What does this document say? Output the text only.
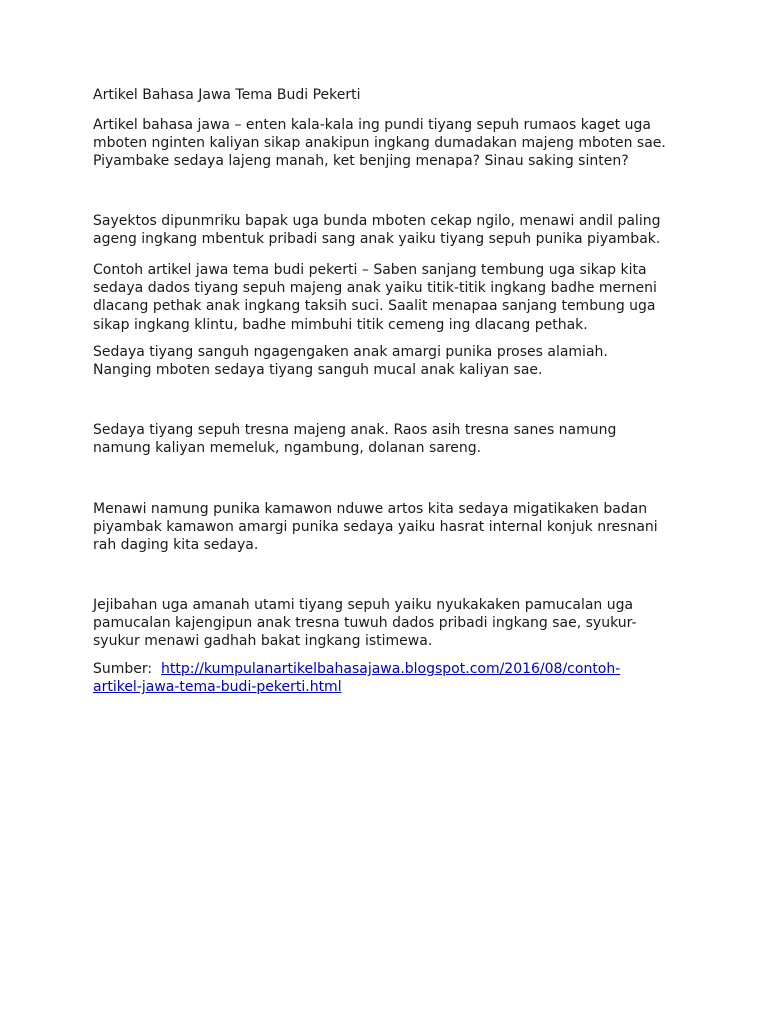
Artikel Bahasa Jawa Tema Budi Pekerti

Artikel bahasa jawa – enten kala-kala ing pundi tiyang sepuh rumaos kaget uga
mboten nginten kaliyan sikap anakipun ingkang dumadakan majeng mboten sae.
Piyambake sedaya lajeng manah, ket benjing menapa? Sinau saking sinten?

Sayektos dipunmriku bapak uga bunda mboten cekap ngilo, menawi andil paling
ageng ingkang mbentuk pribadi sang anak yaiku tiyang sepuh punika piyambak.

Contoh artikel jawa tema budi pekerti – Saben sanjang tembung uga sikap kita
sedaya dados tiyang sepuh majeng anak yaiku titik-titik ingkang badhe merneni
dlacang pethak anak ingkang taksih suci. Saalit menapaa sanjang tembung uga
sikap ingkang klintu, badhe mimbuhi titik cemeng ing dlacang pethak.

Sedaya tiyang sanguh ngagengaken anak amargi punika proses alamiah.
Nanging mboten sedaya tiyang sanguh mucal anak kaliyan sae.

Sedaya tiyang sepuh tresna majeng anak. Raos asih tresna sanes namung
namung kaliyan memeluk, ngambung, dolanan sareng.

Menawi namung punika kamawon nduwe artos kita sedaya migatikaken badan
piyambak kamawon amargi punika sedaya yaiku hasrat internal konjuk nresnani
rah daging kita sedaya.

Jejibahan uga amanah utami tiyang sepuh yaiku nyukakaken pamucalan uga
pamucalan kajengipun anak tresna tuwuh dados pribadi ingkang sae, syukur-
syukur menawi gadhah bakat ingkang istimewa.

Sumber: http://kumpulanartikelbahasajawa.blogspot.com/2016/08/contoh-
artikel-jawa-tema-budi-pekerti.html
